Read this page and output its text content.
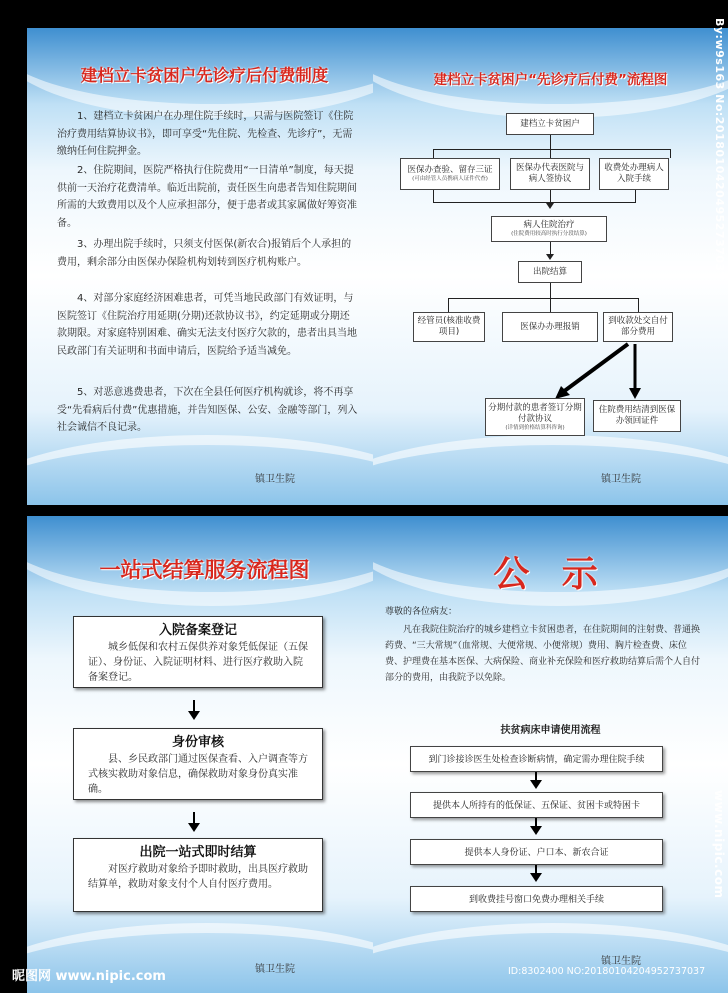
建档立卡贫困户先诊疗后付费制度
1、建档立卡贫困户在办理住院手续时，只需与医院签订《住院治疗费用结算协议书》，即可享受“先住院、先检查、先诊疗”，无需缴纳任何住院押金。
2、住院期间，医院严格执行住院费用“一日清单”制度，每天提供前一天治疗花费清单。临近出院前，责任医生向患者告知住院期间所需的大致费用以及个人应承担部分，便于患者或其家属做好筹资准备。
3、办理出院手续时，只须支付医保(新农合)报销后个人承担的费用，剩余部分由医保办保险机构划转到医疗机构账户。
4、对部分家庭经济困难患者，可凭当地民政部门有效证明，与医院签订《住院治疗用延期(分期)还款协议书》，约定延期或分期还款期限。对家庭特别困难、确实无法支付医疗欠款的，患者出具当地民政部门有关证明和书面申请后，医院给予适当减免。
5、对恶意逃费患者，下次在全县任何医疗机构就诊，将不再享受“先看病后付费”优惠措施，并告知医保、公安、金融等部门，列入社会诚信不良记录。
镇卫生院
建档立卡贫困户“先诊疗后付费”流程图
建档立卡贫困户
医保办查验、留存三证
(可由经管人员携病人证件代查)
医保办代表医院与病人签协议
收费处办理病人入院手续
病人住院治疗
(住院费用较高时执行分段结算)
出院结算
经管员(核准收费项目)
医保办办理报销
到收款处交自付部分费用
分期付款的患者签订分期付款协议
(详情到价格结算科咨询)
住院费用结清到医保办领回证件
镇卫生院
一站式结算服务流程图
入院备案登记

城乡低保和农村五保供养对象凭低保证（五保证）、身份证、入院证明材料、进行医疗救助入院备案登记。

身份审核

县、乡民政部门通过医保查看、入户调查等方式核实救助对象信息，确保救助对象身份真实准确。

出院一站式即时结算

对医疗救助对象给予即时救助，出具医疗救助结算单，救助对象支付个人自付医疗费用。

镇卫生院
公 示
尊敬的各位病友：
凡在我院住院治疗的城乡建档立卡贫困患者，在住院期间的注射费、普通换药费、“三大常规”（血常规、大便常规、小便常规）费用、胸片检查费、床位费、护理费在基本医保、大病保险、商业补充保险和医疗救助结算后需个人自付部分的费用，由我院予以免除。
扶贫病床申请使用流程
到门诊接诊医生处检查诊断病情，确定需办理住院手续
提供本人所持有的低保证、五保证、贫困卡或特困卡
提供本人身份证、户口本、新农合证
到收费挂号窗口免费办理相关手续
镇卫生院
By:w9s163 No:20180104204952737037
昵图网 www.nipic.com	ID:8302400 NO:20180104204952737037
www.nipic.com
